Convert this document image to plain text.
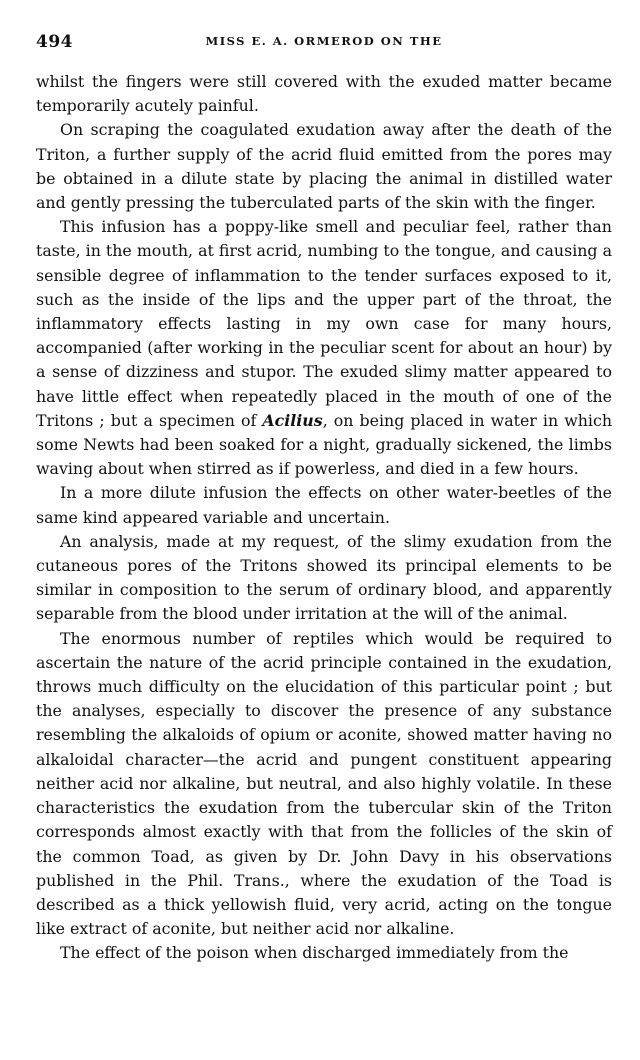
494	MISS E. A. ORMEROD ON THE

whilst the fingers were still covered with the exuded matter became temporarily acutely painful.

On scraping the coagulated exudation away after the death of the Triton, a further supply of the acrid fluid emitted from the pores may be obtained in a dilute state by placing the animal in distilled water and gently pressing the tuberculated parts of the skin with the finger.

This infusion has a poppy-like smell and peculiar feel, rather than taste, in the mouth, at first acrid, numbing to the tongue, and causing a sensible degree of inflammation to the tender surfaces exposed to it, such as the inside of the lips and the upper part of the throat, the inflammatory effects lasting in my own case for many hours, accompanied (after working in the peculiar scent for about an hour) by a sense of dizziness and stupor. The exuded slimy matter appeared to have little effect when repeatedly placed in the mouth of one of the Tritons ; but a specimen of Acilius, on being placed in water in which some Newts had been soaked for a night, gradually sickened, the limbs waving about when stirred as if powerless, and died in a few hours.

In a more dilute infusion the effects on other water-beetles of the same kind appeared variable and uncertain.

An analysis, made at my request, of the slimy exudation from the cutaneous pores of the Tritons showed its principal elements to be similar in composition to the serum of ordinary blood, and apparently separable from the blood under irritation at the will of the animal.

The enormous number of reptiles which would be required to ascertain the nature of the acrid principle contained in the exudation, throws much difficulty on the elucidation of this particular point ; but the analyses, especially to discover the presence of any substance resembling the alkaloids of opium or aconite, showed matter having no alkaloidal character—the acrid and pungent constituent appearing neither acid nor alkaline, but neutral, and also highly volatile. In these characteristics the exudation from the tubercular skin of the Triton corresponds almost exactly with that from the follicles of the skin of the common Toad, as given by Dr. John Davy in his observations published in the Phil. Trans., where the exudation of the Toad is described as a thick yellowish fluid, very acrid, acting on the tongue like extract of aconite, but neither acid nor alkaline.

The effect of the poison when discharged immediately from the
